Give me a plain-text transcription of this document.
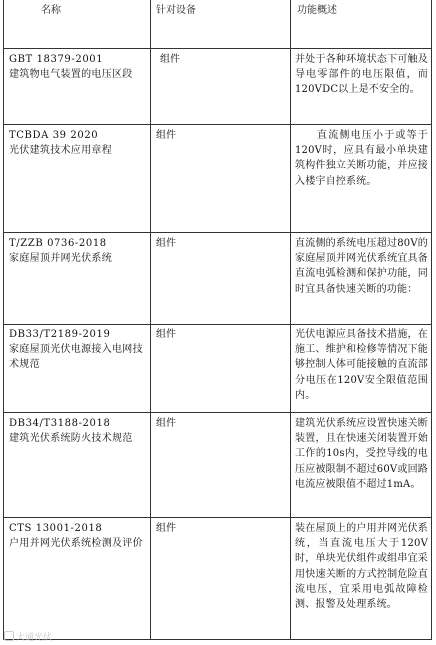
名称	针对设备	功能概述
GBT 18379-2001
建筑物电气装置的电压区段
组件	并处于各种环境状态下可触及导电零部件的电压限值，而120VDC以上是不安全的。
TCBDA 39 2020
光伏建筑技术应用章程
组件	直流侧电压小于或等于120V时，应具有最小单块建筑构件独立关断功能，并应接入楼宇自控系统。
T/ZZB 0736-2018
家庭屋顶并网光伏系统
组件	直流侧的系统电压超过80V的家庭屋顶并网光伏系统宜具备直流电弧检测和保护功能，同时宜具备快速关断的功能：
DB33/T2189-2019
家庭屋顶光伏电源接入电网技术规范
组件	光伏电源应具备技术措施，在施工、维护和检修等情况下能够控制人体可能接触的直流部分电压在120V安全限值范围内。
DB34/T3188-2018
建筑光伏系统防火技术规范
组件	建筑光伏系统应设置快速关断装置，且在快速关闭装置开始工作的10s内，受控导线的电压应被限制不超过60V或回路电流应被限值不超过1mA。
CTS 13001-2018
户用并网光伏系统检测及评价
组件	装在屋顶上的户用并网光伏系统，当直流电压大于120V时，单块光伏组件或组串宜采用快速关断的方式控制危险直流电压，宜采用电弧故障检测、报警及处理系统。
大通光伏
